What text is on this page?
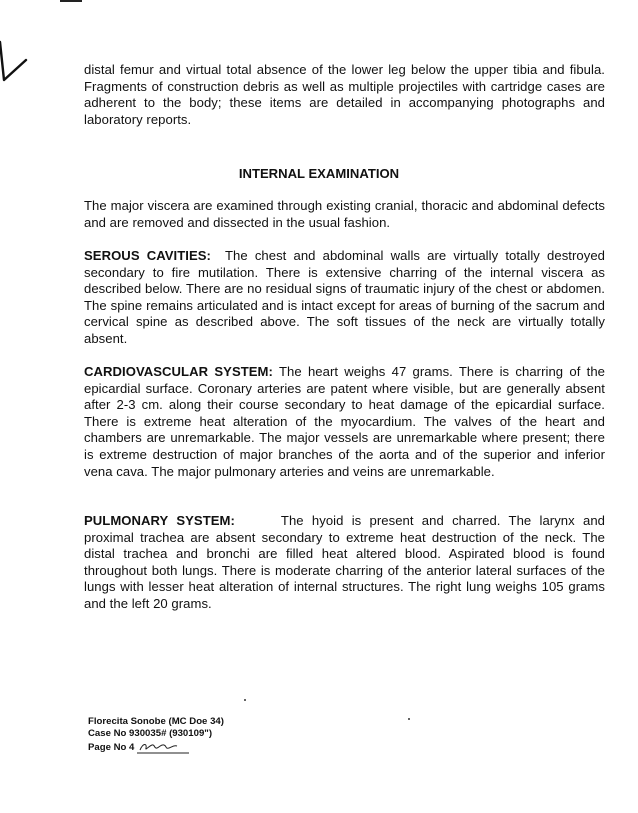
distal femur and virtual total absence of the lower leg below the upper tibia and fibula. Fragments of construction debris as well as multiple projectiles with cartridge cases are adherent to the body; these items are detailed in accompanying photographs and laboratory reports.

INTERNAL EXAMINATION

The major viscera are examined through existing cranial, thoracic and abdominal defects and are removed and dissected in the usual fashion.

SEROUS CAVITIES: The chest and abdominal walls are virtually totally destroyed secondary to fire mutilation. There is extensive charring of the internal viscera as described below. There are no residual signs of traumatic injury of the chest or abdomen. The spine remains articulated and is intact except for areas of burning of the sacrum and cervical spine as described above. The soft tissues of the neck are virtually totally absent.

CARDIOVASCULAR SYSTEM: The heart weighs 47 grams. There is charring of the epicardial surface. Coronary arteries are patent where visible, but are generally absent after 2-3 cm. along their course secondary to heat damage of the epicardial surface. There is extreme heat alteration of the myocardium. The valves of the heart and chambers are unremarkable. The major vessels are unremarkable where present; there is extreme destruction of major branches of the aorta and of the superior and inferior vena cava. The major pulmonary arteries and veins are unremarkable.

PULMONARY SYSTEM:	The hyoid is present and charred. The larynx and proximal trachea are absent secondary to extreme heat destruction of the neck. The distal trachea and bronchi are filled heat altered blood. Aspirated blood is found throughout both lungs. There is moderate charring of the anterior lateral surfaces of the lungs with lesser heat alteration of internal structures. The right lung weighs 105 grams and the left 20 grams.

Florecita Sonobe (MC Doe 34)
Case No 930035# (930109")
Page No 4
